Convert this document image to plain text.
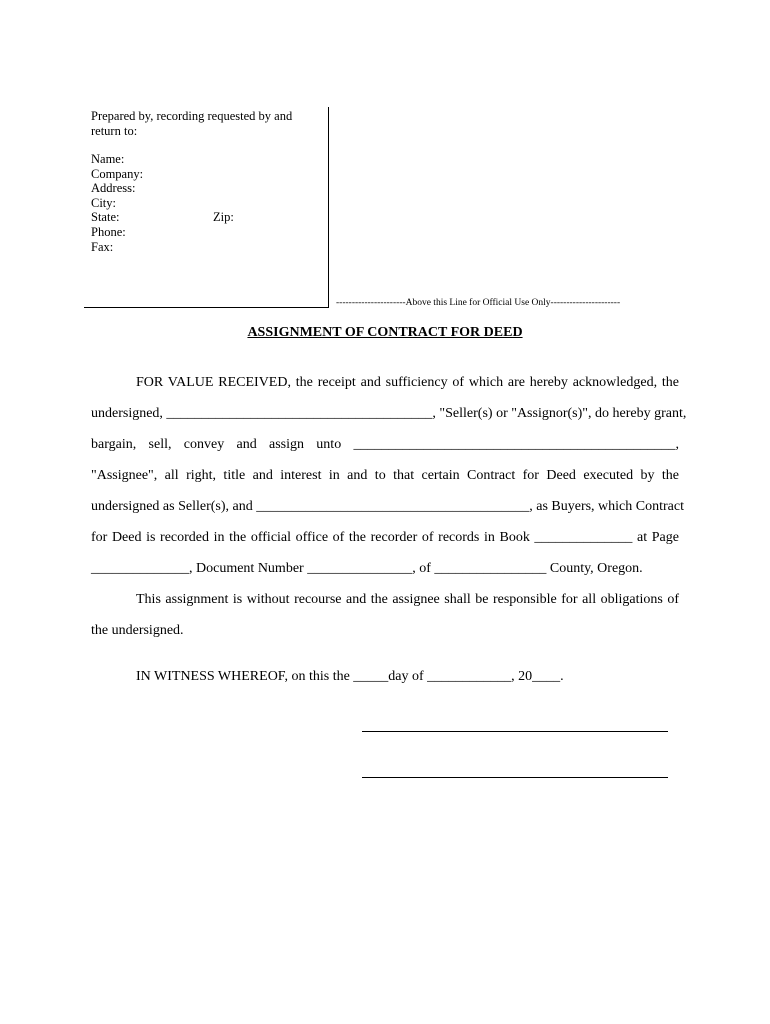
Prepared by, recording requested by and return to:
Name:
Company:
Address:
City:
State:	Zip:
Phone:
Fax:
----------------------Above this Line for Official Use Only----------------------
ASSIGNMENT OF CONTRACT FOR DEED
FOR VALUE RECEIVED, the receipt and sufficiency of which are hereby acknowledged, the
undersigned, ______________________________________, "Seller(s) or "Assignor(s)", do hereby grant,
bargain, sell, convey and assign unto ______________________________________________,
"Assignee", all right, title and interest in and to that certain Contract for Deed executed by the
undersigned as Seller(s), and _______________________________________, as Buyers, which Contract
for Deed is recorded in the official office of the recorder of records in Book ______________ at Page
______________, Document Number _______________, of ________________ County, Oregon.
This assignment is without recourse and the assignee shall be responsible for all obligations of
the undersigned.
IN WITNESS WHEREOF, on this the _____day of ____________, 20____.
